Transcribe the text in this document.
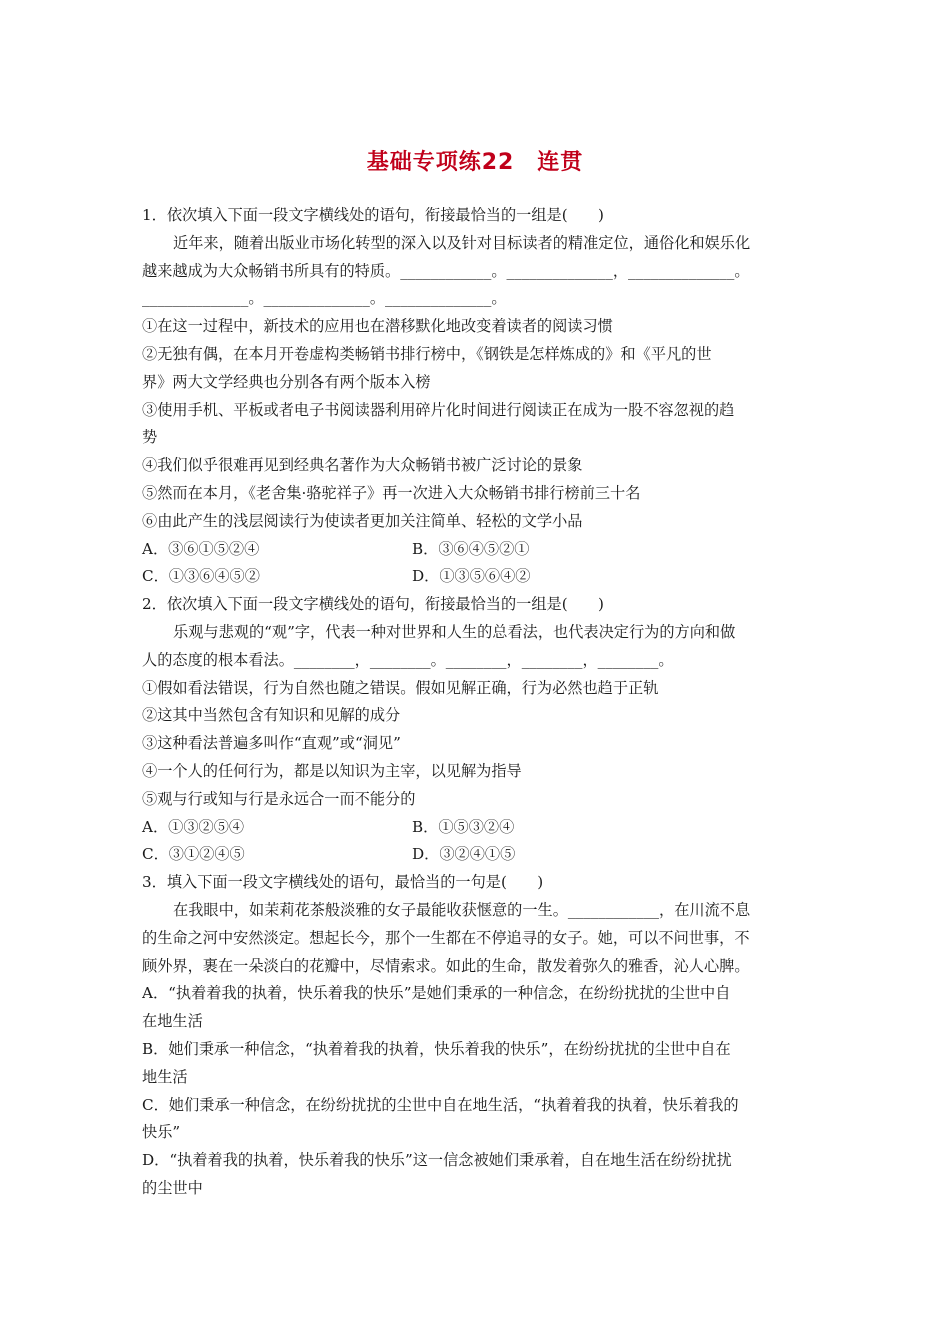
基础专项练22　连贯
1．依次填入下面一段文字横线处的语句，衔接最恰当的一组是(　　)
近年来，随着出版业市场化转型的深入以及针对目标读者的精准定位，通俗化和娱乐化
越来越成为大众畅销书所具有的特质。____________。______________，______________。
______________。______________。______________。
①在这一过程中，新技术的应用也在潜移默化地改变着读者的阅读习惯
②无独有偶，在本月开卷虚构类畅销书排行榜中，《钢铁是怎样炼成的》和《平凡的世
界》两大文学经典也分别各有两个版本入榜
③使用手机、平板或者电子书阅读器利用碎片化时间进行阅读正在成为一股不容忽视的趋
势
④我们似乎很难再见到经典名著作为大众畅销书被广泛讨论的景象
⑤然而在本月，《老舍集·骆驼祥子》再一次进入大众畅销书排行榜前三十名
⑥由此产生的浅层阅读行为使读者更加关注简单、轻松的文学小品
A．③⑥①⑤②④	B．③⑥④⑤②①
C．①③⑥④⑤②	D．①③⑤⑥④②
2．依次填入下面一段文字横线处的语句，衔接最恰当的一组是(　　)
乐观与悲观的“观”字，代表一种对世界和人生的总看法，也代表决定行为的方向和做
人的态度的根本看法。________，________。________，________，________。
①假如看法错误，行为自然也随之错误。假如见解正确，行为必然也趋于正轨
②这其中当然包含有知识和见解的成分
③这种看法普遍多叫作“直观”或“洞见”
④一个人的任何行为，都是以知识为主宰，以见解为指导
⑤观与行或知与行是永远合一而不能分的
A．①③②⑤④	B．①⑤③②④
C．③①②④⑤	D．③②④①⑤
3．填入下面一段文字横线处的语句，最恰当的一句是(　　)
在我眼中，如茉莉花茶般淡雅的女子最能收获惬意的一生。____________，在川流不息
的生命之河中安然淡定。想起长今，那个一生都在不停追寻的女子。她，可以不问世事，不
顾外界，裹在一朵淡白的花瓣中，尽情索求。如此的生命，散发着弥久的雅香，沁人心脾。
A．“执着着我的执着，快乐着我的快乐”是她们秉承的一种信念，在纷纷扰扰的尘世中自
在地生活
B．她们秉承一种信念，“执着着我的执着，快乐着我的快乐”，在纷纷扰扰的尘世中自在
地生活
C．她们秉承一种信念，在纷纷扰扰的尘世中自在地生活，“执着着我的执着，快乐着我的
快乐”
D．“执着着我的执着，快乐着我的快乐”这一信念被她们秉承着，自在地生活在纷纷扰扰
的尘世中
